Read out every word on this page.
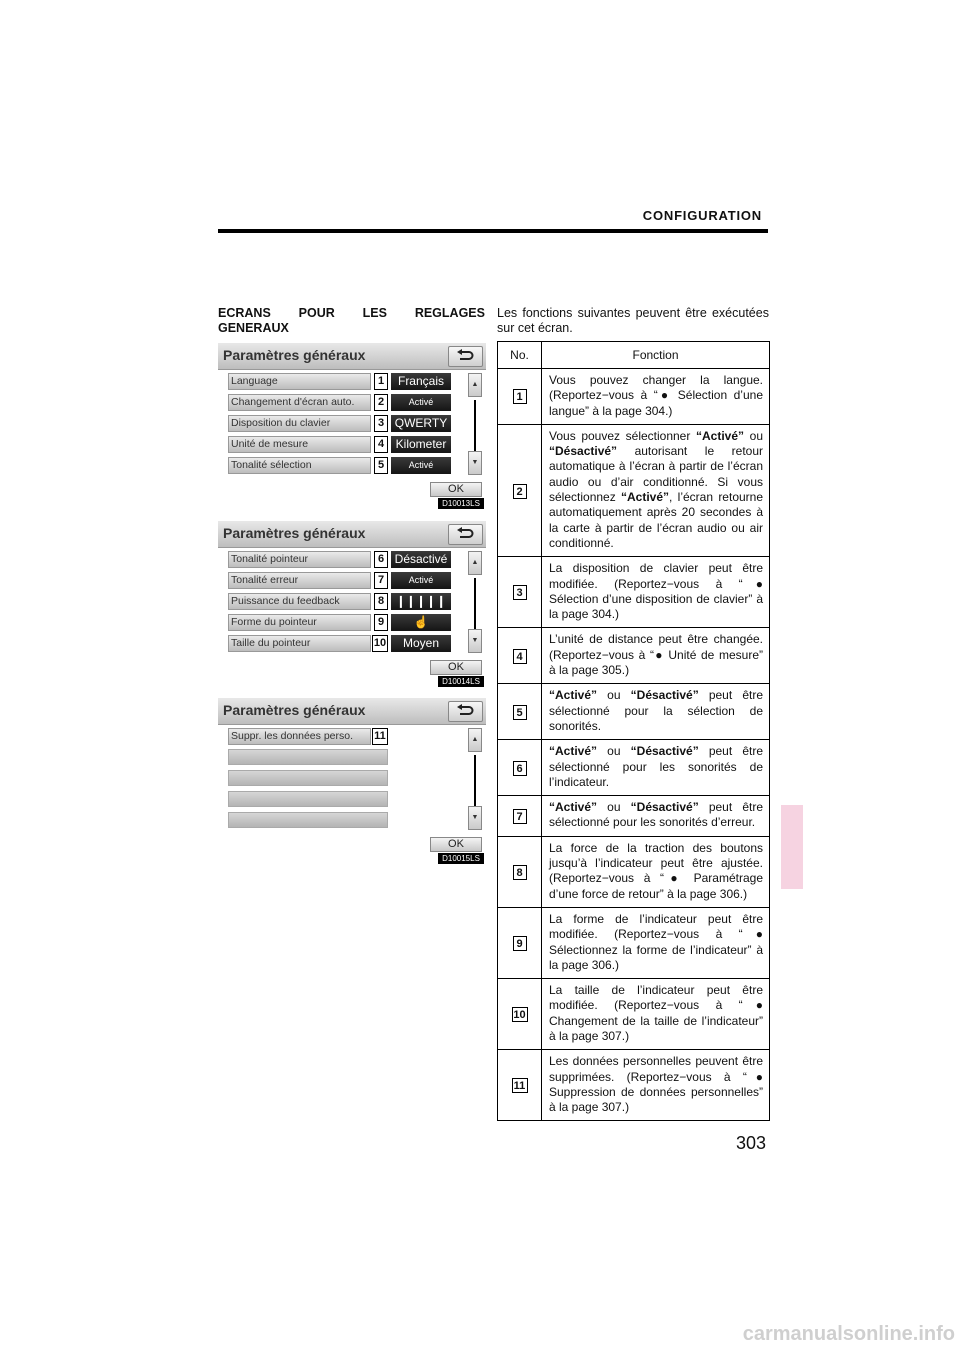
CONFIGURATION
303
carmanualsonline.info
ECRANS POUR LES REGLAGES
GENERAUX
Paramètres généraux
Language	1	Français
Changement d'écran auto.	2	Activé
Disposition du clavier	3 QWERTY
Unité de mesure	4 Kilometer
Tonalité sélection	5	Activé
▲
▼
OK
D10013LS
Paramètres généraux
Tonalité pointeur	6 Désactivé
Tonalité erreur	7	Activé
Puissance du feedback	8 ❙❙❙❙❙
Forme du pointeur	9	☝
Taille du pointeur	10	Moyen
▲
▼
OK
D10014LS
Paramètres généraux
Suppr. les données perso. 11	▲
▼
OK
D10015LS
Les fonctions suivantes peuvent être exécutées
sur cet écran.
No.	Fonction
1	Vous pouvez changer la langue. (Reportez−vous à “● Sélection d’une langue” à la page 304.)
2	Vous pouvez sélectionner “Activé” ou “Désactivé” autorisant le retour automatique à l’écran à partir de l’écran audio ou d’air conditionné. Si vous sélectionnez “Activé”, l’écran retourne automatiquement après 20 secondes à la carte à partir de l’écran audio ou air conditionné.
3	La disposition de clavier peut être modifiée. (Reportez−vous à “● Sélection d’une disposition de clavier” à la page 304.)
4	L’unité de distance peut être changée. (Reportez−vous à “● Unité de mesure” à la page 305.)
5	“Activé” ou “Désactivé” peut être sélectionné pour la sélection de sonorités.
6	“Activé” ou “Désactivé” peut être sélectionné pour les sonorités de l’indicateur.
7	“Activé” ou “Désactivé” peut être sélectionné pour les sonorités d’erreur.
8	La force de la traction des boutons jusqu’à l’indicateur peut être ajustée. (Reportez−vous à “● Paramétrage d’une force de retour” à la page 306.)
9	La forme de l’indicateur peut être modifiée. (Reportez−vous à “● Sélectionnez la forme de l’indicateur” à la page 306.)
10	La taille de l’indicateur peut être modifiée. (Reportez−vous à “● Changement de la taille de l’indicateur” à la page 307.)
11	Les données personnelles peuvent être supprimées. (Reportez−vous à “● Suppression de données personnelles” à la page 307.)
